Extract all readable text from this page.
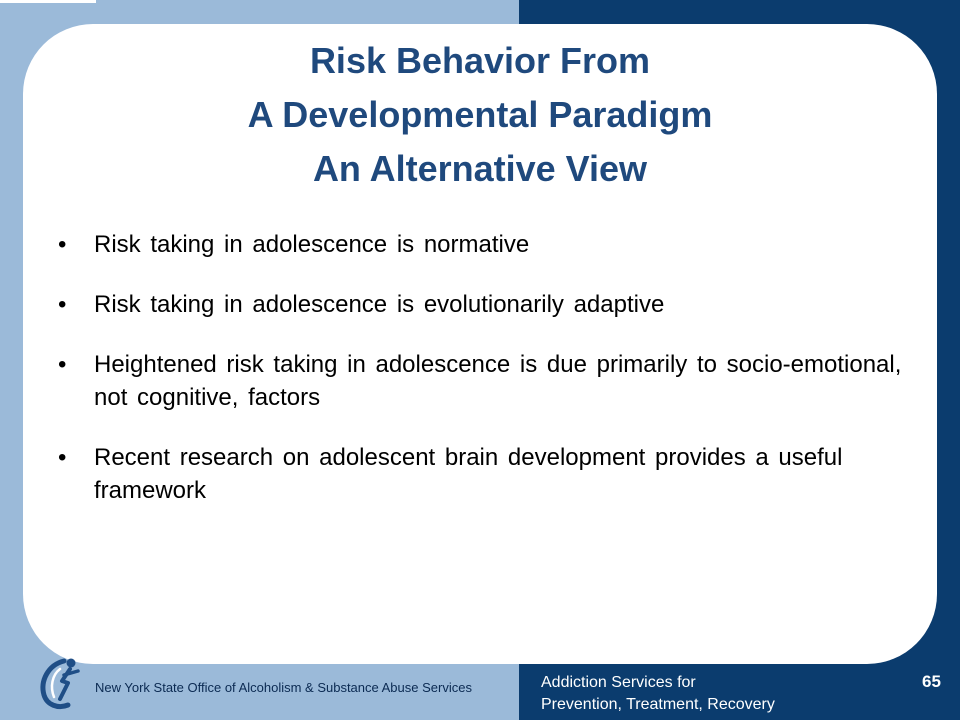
Risk Behavior From
A Developmental Paradigm
An Alternative View
•	Risk taking in adolescence is normative
•	Risk taking in adolescence is evolutionarily adaptive
•	Heightened risk taking in adolescence is due primarily to socio-emotional, not cognitive, factors
•	Recent research on adolescent brain development provides a useful framework
New York State Office of Alcoholism & Substance Abuse Services	Addiction Services for
Prevention, Treatment, Recovery
65
